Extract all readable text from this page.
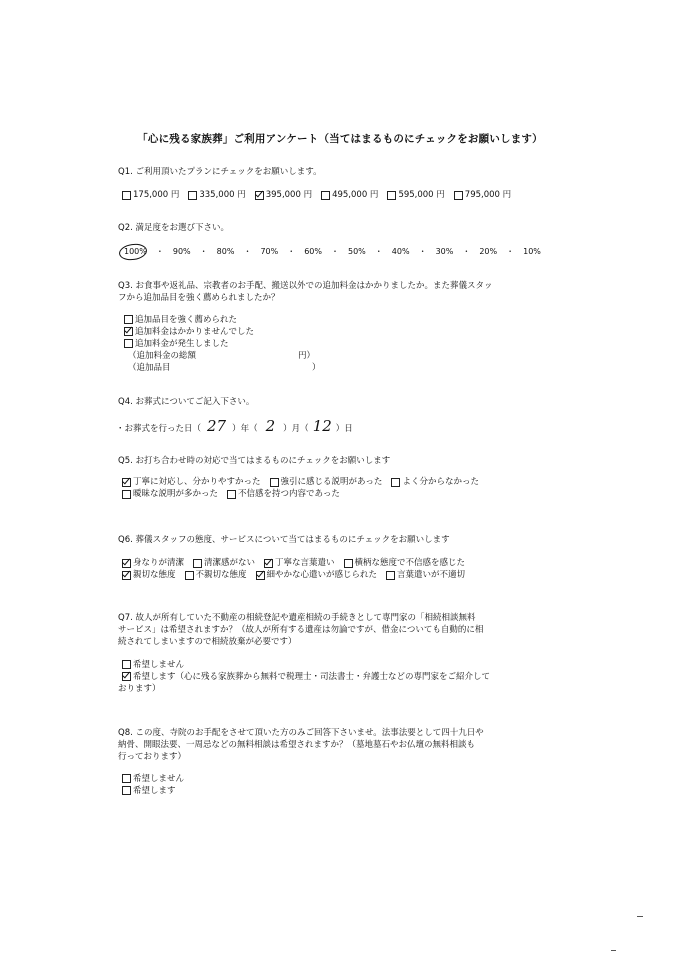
「心に残る家族葬」ご利用アンケート（当てはまるものにチェックをお願いします）
Q1. ご利用頂いたプランにチェックをお願いします。
175,000 円 335,000 円 395,000 円 495,000 円 595,000 円 795,000 円
Q2. 満足度をお選び下さい。
100%	・	90%	・	80%	・	70%	・	60%	・	50%	・	40%	・	30%	・	20%	・	10%
Q3. お食事や返礼品、宗教者のお手配、搬送以外での追加料金はかかりましたか。また葬儀スタッ
フから追加品目を強く薦められましたか？
追加品目を強く薦められた
追加料金はかかりませんでした
追加料金が発生しました
（追加料金の総額	円）
（追加品目	）
Q4. お葬式についてご記入下さい。
・お葬式を行った日（ 27 ）年（ 2 ）月（ 12 ）日
Q5. お打ち合わせ時の対応で当てはまるものにチェックをお願いします
丁寧に対応し、分かりやすかった 強引に感じる説明があった よく分からなかった
曖昧な説明が多かった 不信感を持つ内容であった
Q6. 葬儀スタッフの態度、サービスについて当てはまるものにチェックをお願いします
身なりが清潔 清潔感がない 丁寧な言葉遣い 横柄な態度で不信感を感じた
親切な態度 不親切な態度 細やかな心遣いが感じられた 言葉遣いが不適切
Q7. 故人が所有していた不動産の相続登記や遺産相続の手続きとして専門家の「相続相談無料
サービス」は希望されますか？（故人が所有する遺産は勿論ですが、借金についても自動的に相
続されてしまいますので相続放棄が必要です）
希望しません
希望します（心に残る家族葬から無料で税理士・司法書士・弁護士などの専門家をご紹介して
おります）
Q8. この度、寺院のお手配をさせて頂いた方のみご回答下さいませ。法事法要として四十九日や
納骨、開眼法要、一周忌などの無料相談は希望されますか？（墓地墓石やお仏壇の無料相談も
行っております）
希望しません
希望します
